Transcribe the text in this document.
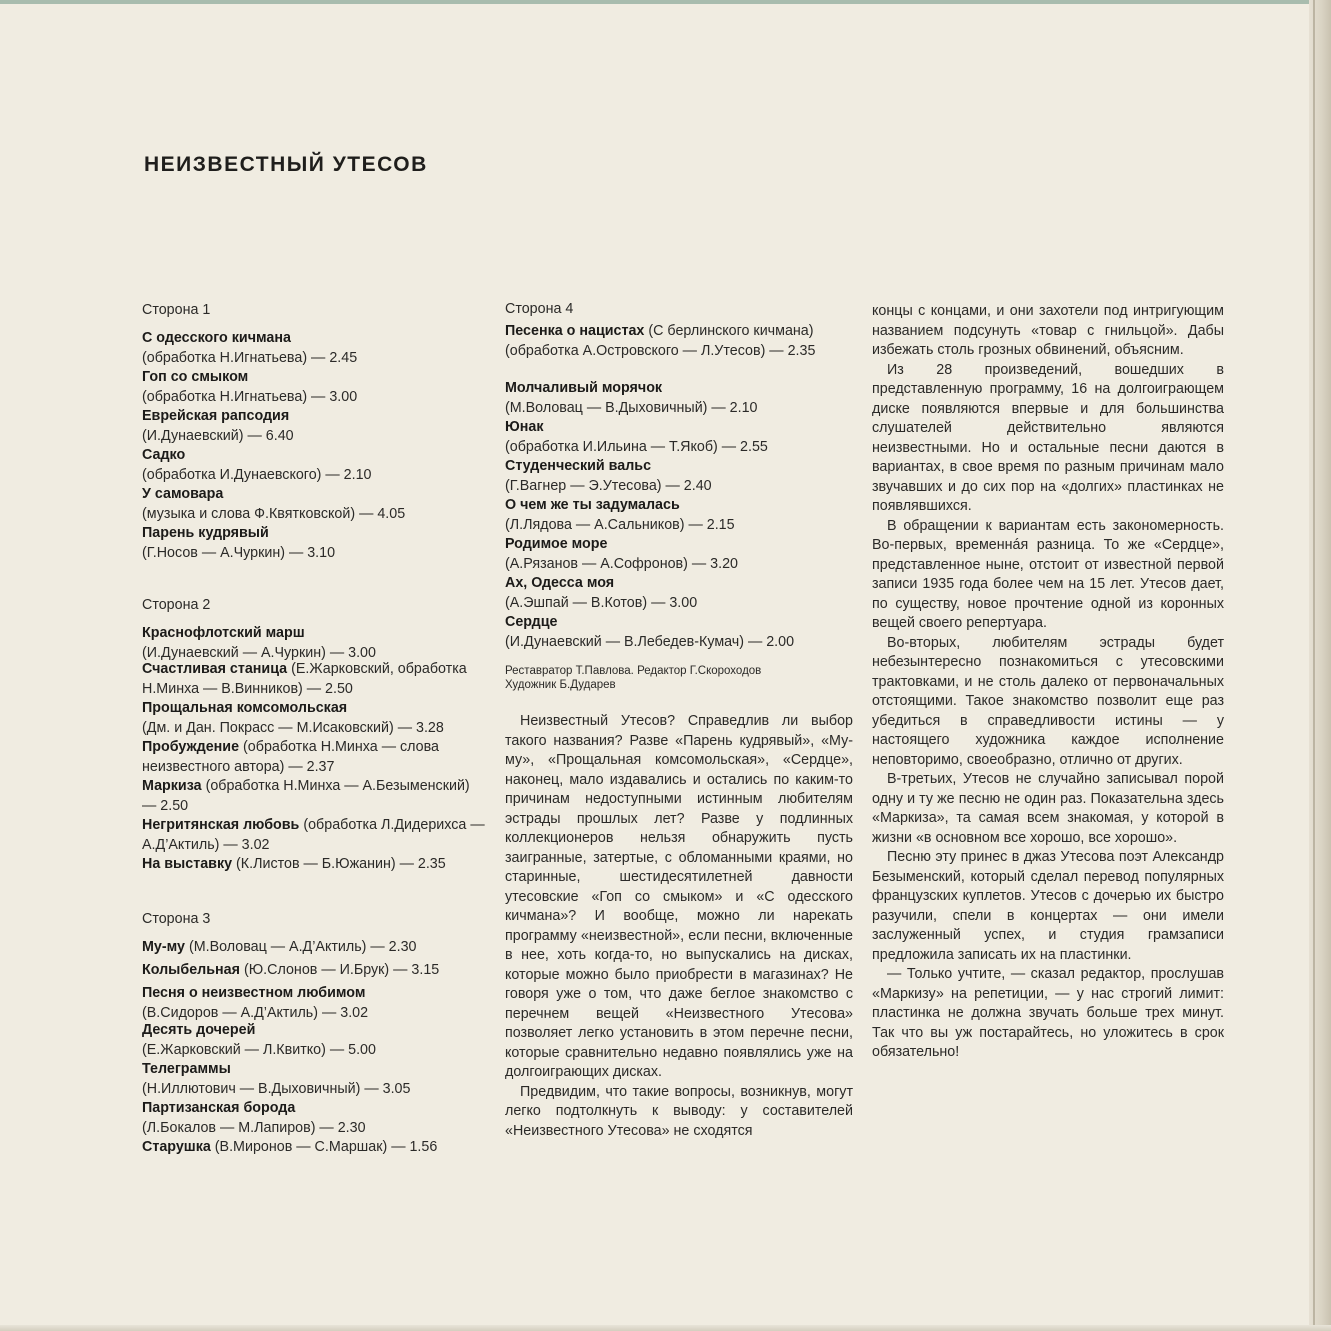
НЕИЗВЕСТНЫЙ УТЕСОВ
Сторона 1
С одесского кичмана
(обработка Н.Игнатьева) — 2.45
Гоп со смыком
(обработка Н.Игнатьева) — 3.00
Еврейская рапсодия
(И.Дунаевский) — 6.40
Садко
(обработка И.Дунаевского) — 2.10
У самовара
(музыка и слова Ф.Квятковской) — 4.05
Парень кудрявый
(Г.Носов — А.Чуркин) — 3.10
Сторона 2
Краснофлотский марш
(И.Дунаевский — А.Чуркин) — 3.00
Счастливая станица (Е.Жарковский, обработка Н.Минха — В.Винников) — 2.50
Прощальная комсомольская
(Дм. и Дан. Покрасс — М.Исаковский) — 3.28
Пробуждение (обработка Н.Минха — слова неизвестного автора) — 2.37
Маркиза (обработка Н.Минха — А.Безыменский) — 2.50
Негритянская любовь (обработка Л.Дидерихса — А.Д’Актиль) — 3.02
На выставку (К.Листов — Б.Южанин) — 2.35
Сторона 3
Му-му (М.Воловац — А.Д’Актиль) — 2.30
Колыбельная (Ю.Слонов — И.Брук) — 3.15
Песня о неизвестном любимом
(В.Сидоров — А.Д’Актиль) — 3.02
Десять дочерей
(Е.Жарковский — Л.Квитко) — 5.00
Телеграммы
(Н.Иллютович — В.Дыховичный) — 3.05
Партизанская борода
(Л.Бокалов — М.Лапиров) — 2.30
Старушка (В.Миронов — С.Маршак) — 1.56
Сторона 4
Песенка о нацистах (С берлинского кичмана) (обработка А.Островского — Л.Утесов) — 2.35
Молчаливый морячок
(М.Воловац — В.Дыховичный) — 2.10
Юнак
(обработка И.Ильина — Т.Якоб) — 2.55
Студенческий вальс
(Г.Вагнер — Э.Утесова) — 2.40
О чем же ты задумалась
(Л.Лядова — А.Сальников) — 2.15
Родимое море
(А.Рязанов — А.Софронов) — 3.20
Ах, Одесса моя
(А.Эшпай — В.Котов) — 3.00
Сердце
(И.Дунаевский — В.Лебедев-Кумач) — 2.00
Реставратор Т.Павлова. Редактор Г.Скороходов
Художник Б.Дударев

Неизвестный Утесов? Справедлив ли выбор такого названия? Разве «Парень кудрявый», «Му-му», «Прощальная комсомольская», «Сердце», наконец, мало издавались и остались по каким-то причинам недоступными истинным любителям эстрады прошлых лет? Разве у подлинных коллекционеров нельзя обнаружить пусть заигранные, затертые, с обломанными краями, но старинные, шестидесятилетней давности утесовские «Гоп со смыком» и «С одесского кичмана»? И вообще, можно ли нарекать программу «неизвестной», если песни, включенные в нее, хоть когда-то, но выпускались на дисках, которые можно было приобрести в магазинах? Не говоря уже о том, что даже беглое знакомство с перечнем вещей «Неизвестного Утесова» позволяет легко установить в этом перечне песни, которые сравнительно недавно появлялись уже на долгоиграющих дисках.

Предвидим, что такие вопросы, возникнув, могут легко подтолкнуть к выводу: у составителей «Неизвестного Утесова» не сходятся

концы с концами, и они захотели под интригующим названием подсунуть «товар с гнильцой». Дабы избежать столь грозных обвинений, объясним.

Из 28 произведений, вошедших в представленную программу, 16 на долгоиграющем диске появляются впервые и для большинства слушателей действительно являются неизвестными. Но и остальные песни даются в вариантах, в свое время по разным причинам мало звучавших и до сих пор на «долгих» пластинках не появлявшихся.

В обращении к вариантам есть закономерность. Во-первых, временнáя разница. То же «Сердце», представленное ныне, отстоит от известной первой записи 1935 года более чем на 15 лет. Утесов дает, по существу, новое прочтение одной из коронных вещей своего репертуара.

Во-вторых, любителям эстрады будет небезынтересно познакомиться с утесовскими трактовками, и не столь далеко от первоначальных отстоящими. Такое знакомство позволит еще раз убедиться в справедливости истины — у настоящего художника каждое исполнение неповторимо, своеобразно, отлично от других.

В-третьих, Утесов не случайно записывал порой одну и ту же песню не один раз. Показательна здесь «Маркиза», та самая всем знакомая, у которой в жизни «в основном все хорошо, все хорошо».

Песню эту принес в джаз Утесова поэт Александр Безыменский, который сделал перевод популярных французских куплетов. Утесов с дочерью их быстро разучили, спели в концертах — они имели заслуженный успех, и студия грамзаписи предложила записать их на пластинки.

— Только учтите, — сказал редактор, прослушав «Маркизу» на репетиции, — у нас строгий лимит: пластинка не должна звучать больше трех минут. Так что вы уж постарайтесь, но уложитесь в срок обязательно!
